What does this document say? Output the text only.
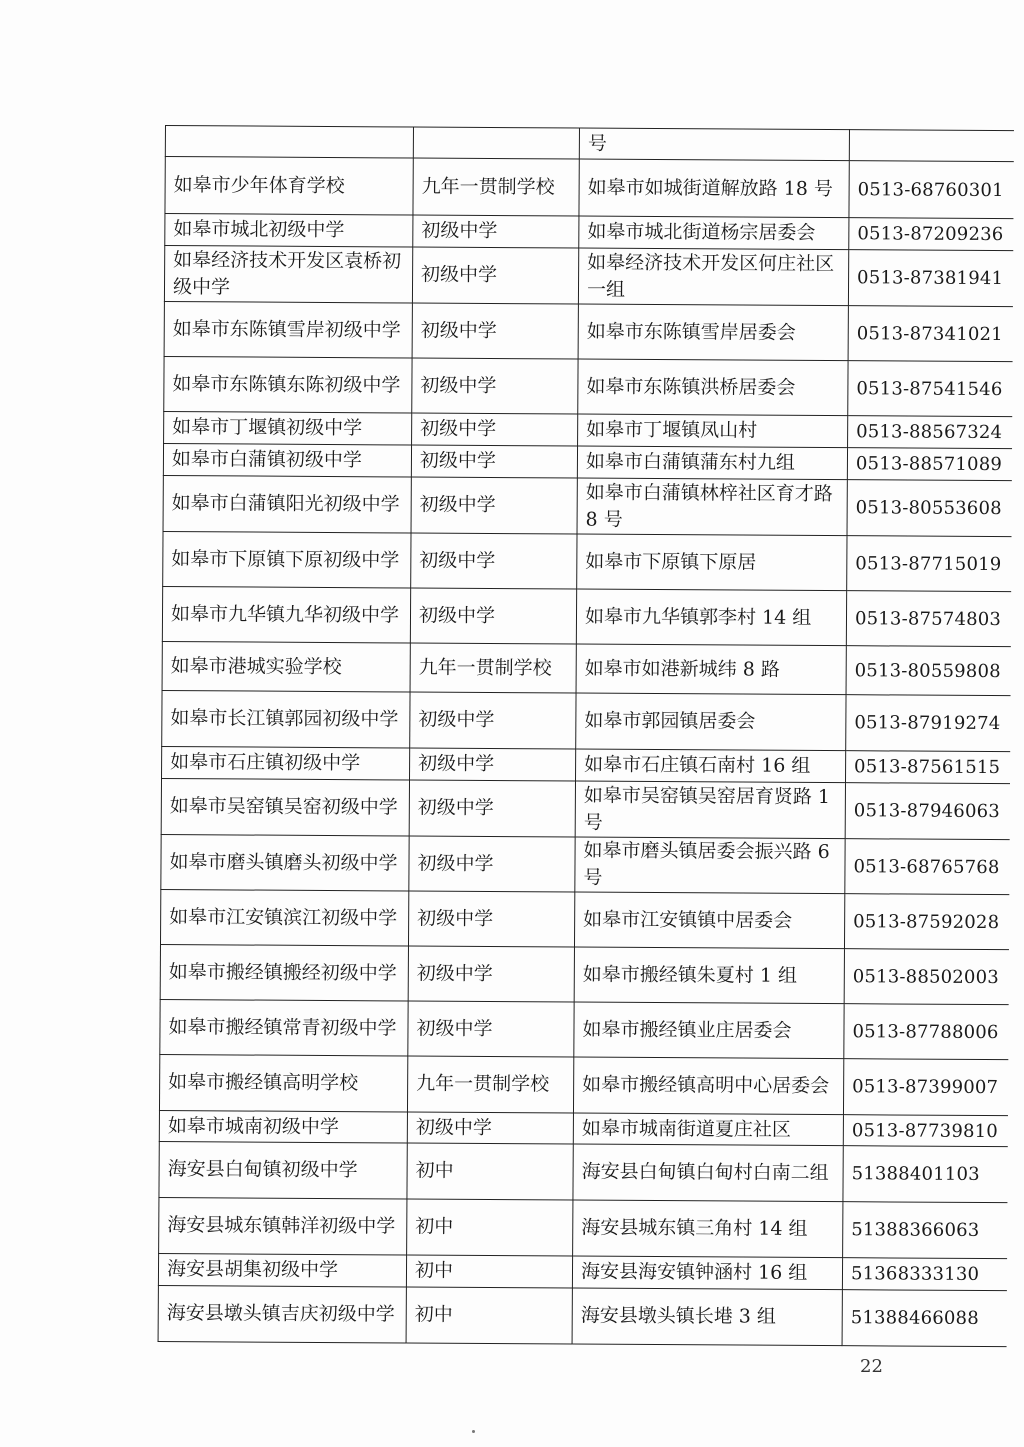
		号	
如皋市少年体育学校	九年一贯制学校	如皋市如城街道解放路 18 号	0513-68760301
如皋市城北初级中学	初级中学	如皋市城北街道杨宗居委会	0513-87209236
如皋经济技术开发区袁桥初级中学	初级中学	如皋经济技术开发区何庄社区一组	0513-87381941
如皋市东陈镇雪岸初级中学	初级中学	如皋市东陈镇雪岸居委会	0513-87341021
如皋市东陈镇东陈初级中学	初级中学	如皋市东陈镇洪桥居委会	0513-87541546
如皋市丁堰镇初级中学	初级中学	如皋市丁堰镇凤山村	0513-88567324
如皋市白蒲镇初级中学	初级中学	如皋市白蒲镇蒲东村九组	0513-88571089
如皋市白蒲镇阳光初级中学	初级中学	如皋市白蒲镇林梓社区育才路 8 号	0513-80553608
如皋市下原镇下原初级中学	初级中学	如皋市下原镇下原居	0513-87715019
如皋市九华镇九华初级中学	初级中学	如皋市九华镇郭李村 14 组	0513-87574803
如皋市港城实验学校	九年一贯制学校	如皋市如港新城纬 8 路	0513-80559808
如皋市长江镇郭园初级中学	初级中学	如皋市郭园镇居委会	0513-87919274
如皋市石庄镇初级中学	初级中学	如皋市石庄镇石南村 16 组	0513-87561515
如皋市吴窑镇吴窑初级中学	初级中学	如皋市吴窑镇吴窑居育贤路 1 号	0513-87946063
如皋市磨头镇磨头初级中学	初级中学	如皋市磨头镇居委会振兴路 6 号	0513-68765768
如皋市江安镇滨江初级中学	初级中学	如皋市江安镇镇中居委会	0513-87592028
如皋市搬经镇搬经初级中学	初级中学	如皋市搬经镇朱夏村 1 组	0513-88502003
如皋市搬经镇常青初级中学	初级中学	如皋市搬经镇业庄居委会	0513-87788006
如皋市搬经镇高明学校	九年一贯制学校	如皋市搬经镇高明中心居委会	0513-87399007
如皋市城南初级中学	初级中学	如皋市城南街道夏庄社区	0513-87739810
海安县白甸镇初级中学	初中	海安县白甸镇白甸村白南二组	51388401103
海安县城东镇韩洋初级中学	初中	海安县城东镇三角村 14 组	51388366063
海安县胡集初级中学	初中	海安县海安镇钟涵村 16 组	51368333130
海安县墩头镇吉庆初级中学	初中	海安县墩头镇长塂 3 组	51388466088
22
